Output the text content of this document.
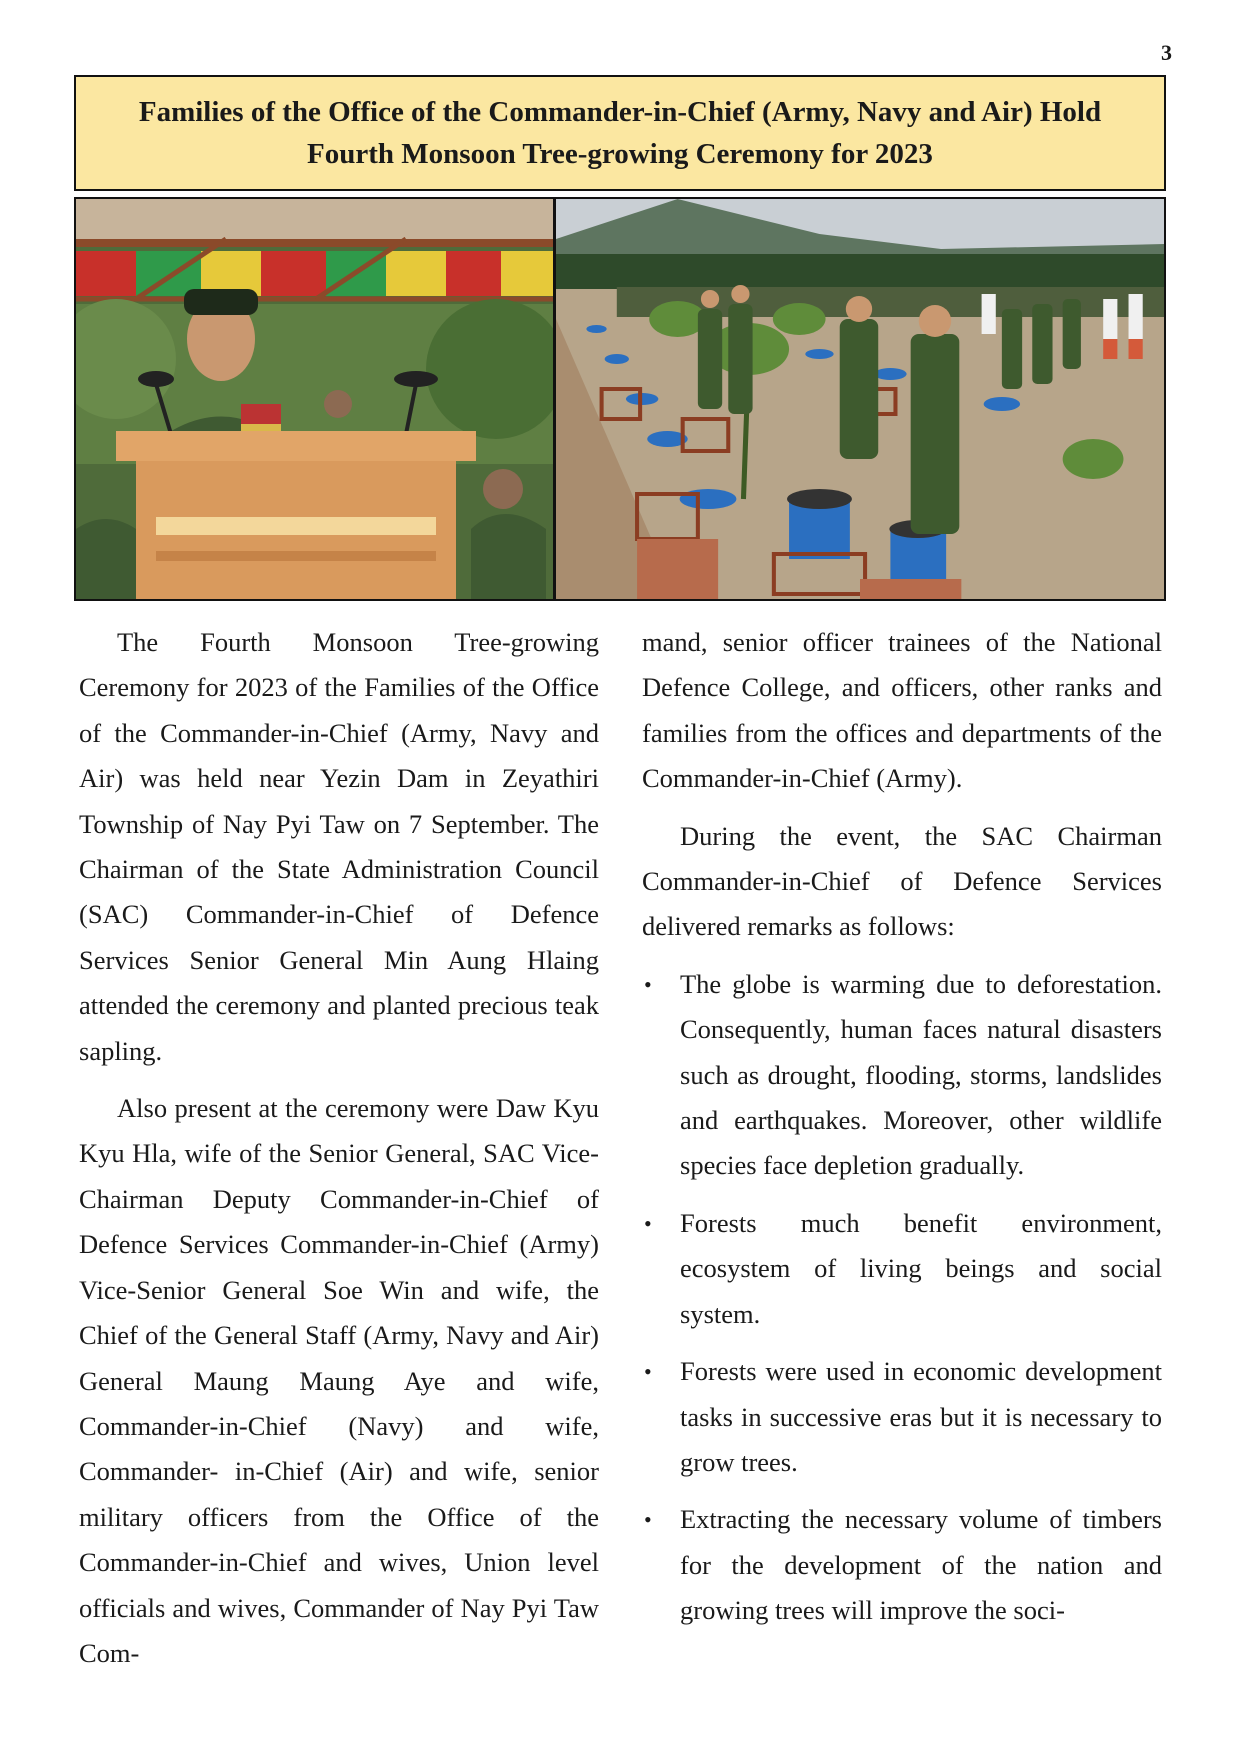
3
Families of the Office of the Commander-in-Chief (Army, Navy and Air) Hold Fourth Monsoon Tree-growing Ceremony for 2023

The Fourth Monsoon Tree-growing Ceremony for 2023 of the Families of the Office of the Commander-in-Chief (Army, Navy and Air) was held near Yezin Dam in Zeyathiri Township of Nay Pyi Taw on 7 September. The Chairman of the State Administration Council (SAC) Commander-in-Chief of Defence Services Senior General Min Aung Hlaing attended the ceremony and planted precious teak sapling.

Also present at the ceremony were Daw Kyu Kyu Hla, wife of the Senior General, SAC Vice-Chairman Deputy Commander-in-Chief of Defence Services Commander-in-Chief (Army) Vice-Senior General Soe Win and wife, the Chief of the General Staff (Army, Navy and Air) General Maung Maung Aye and wife, Commander-in-Chief (Navy) and wife, Commander- in-Chief (Air) and wife, senior military officers from the Office of the Commander-in-Chief and wives, Union level officials and wives, Commander of Nay Pyi Taw Com-

mand, senior officer trainees of the National Defence College, and officers, other ranks and families from the offices and departments of the Commander-in-Chief (Army).

During the event, the SAC Chairman Commander-in-Chief of Defence Services delivered remarks as follows:

• The globe is warming due to deforestation. Consequently, human faces natural disasters such as drought, flooding, storms, landslides and earthquakes. Moreover, other wildlife species face depletion gradually.
• Forests much benefit environment, ecosystem of living beings and social system.
• Forests were used in economic development tasks in successive eras but it is necessary to grow trees.
• Extracting the necessary volume of timbers for the development of the nation and growing trees will improve the soci-
